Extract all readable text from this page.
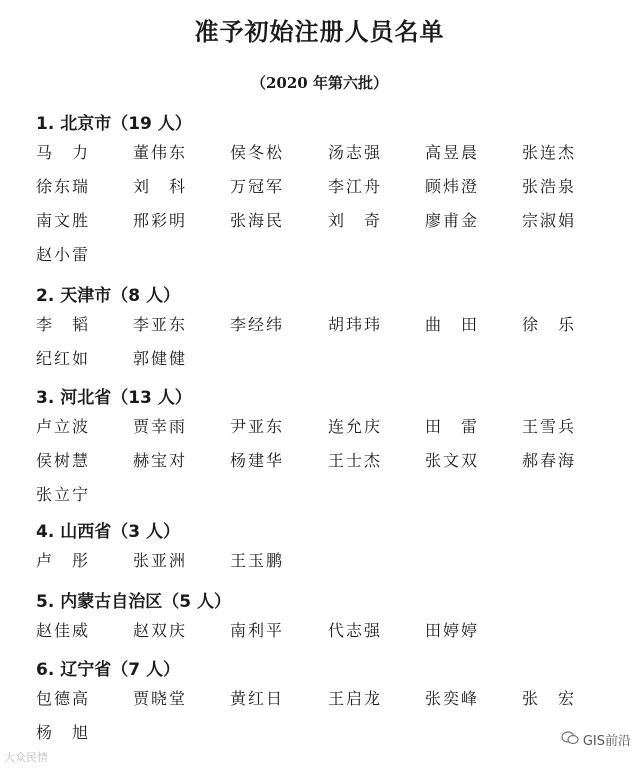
准予初始注册人员名单
（2020 年第六批）
1. 北京市（19 人）
马　力	董伟东	侯冬松	汤志强	高昱晨	张连杰
徐东瑞	刘　科	万冠军	李江舟	顾炜澄	张浩泉
南文胜	邢彩明	张海民	刘　奇	廖甫金	宗淑娟
赵小雷
2. 天津市（8 人）
李　韬	李亚东	李经纬	胡玮玮	曲　田	徐　乐
纪红如	郭健健
3. 河北省（13 人）
卢立波	贾幸雨	尹亚东	连允庆	田　雷	王雪兵
侯树慧	赫宝对	杨建华	王士杰	张文双	郝春海
张立宁
4. 山西省（3 人）
卢　彤	张亚洲	王玉鹏
5. 内蒙古自治区（5 人）
赵佳威	赵双庆	南利平	代志强	田婷婷
6. 辽宁省（7 人）
包德高	贾晓堂	黄红日	王启龙	张奕峰	张　宏
杨　旭
大众民情
GIS前沿
